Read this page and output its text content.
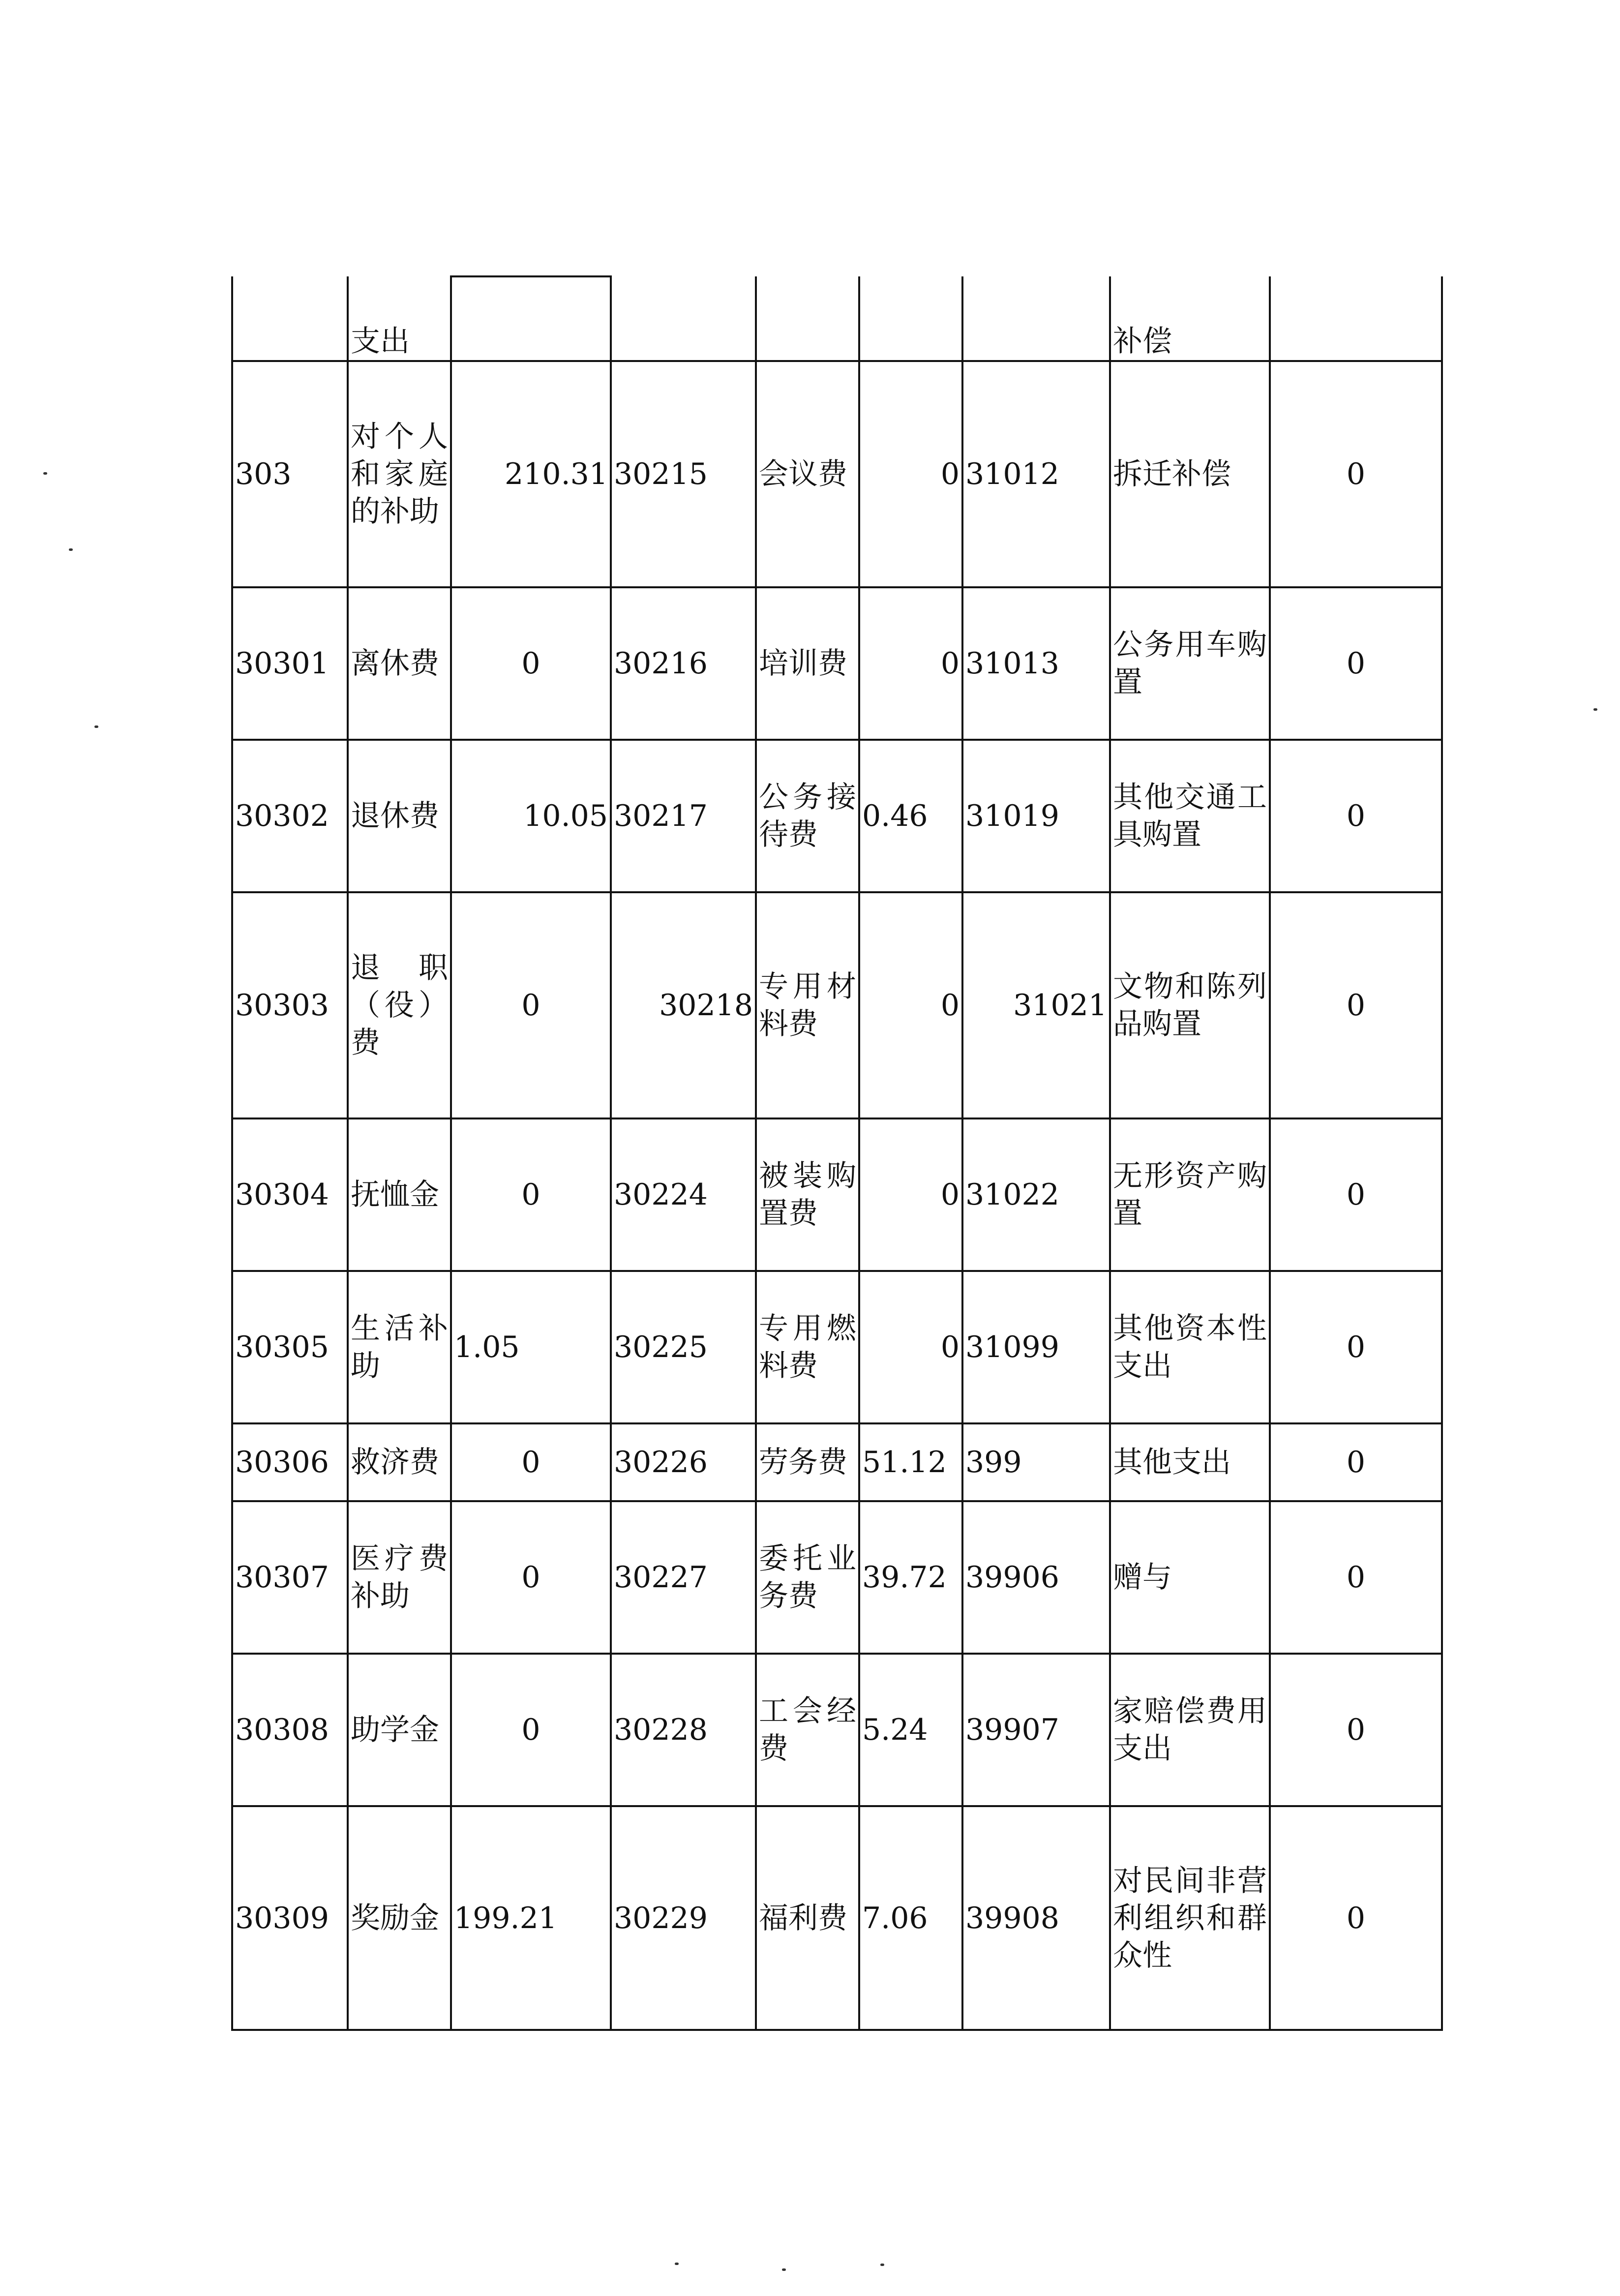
	支出						补偿	
303	对个人和家庭的补助	210.31	30215	会议费	0	31012	拆迁补偿	0
30301	离休费	0	30216	培训费	0	31013	公务用车购置	0
30302	退休费	10.05	30217	公务接待费	0.46	31019	其他交通工具购置	0
30303	退职（役）费	0	30218	专用材料费	0	31021	文物和陈列品购置	0
30304	抚恤金	0	30224	被装购置费	0	31022	无形资产购置	0
30305	生活补助	1.05	30225	专用燃料费	0	31099	其他资本性支出	0
30306	救济费	0	30226	劳务费	51.12	399	其他支出	0
30307	医疗费补助	0	30227	委托业务费	39.72	39906	赠与	0
30308	助学金	0	30228	工会经费	5.24	39907	家赔偿费用支出	0
30309	奖励金	199.21	30229	福利费	7.06	39908	对民间非营利组织和群众性	0
